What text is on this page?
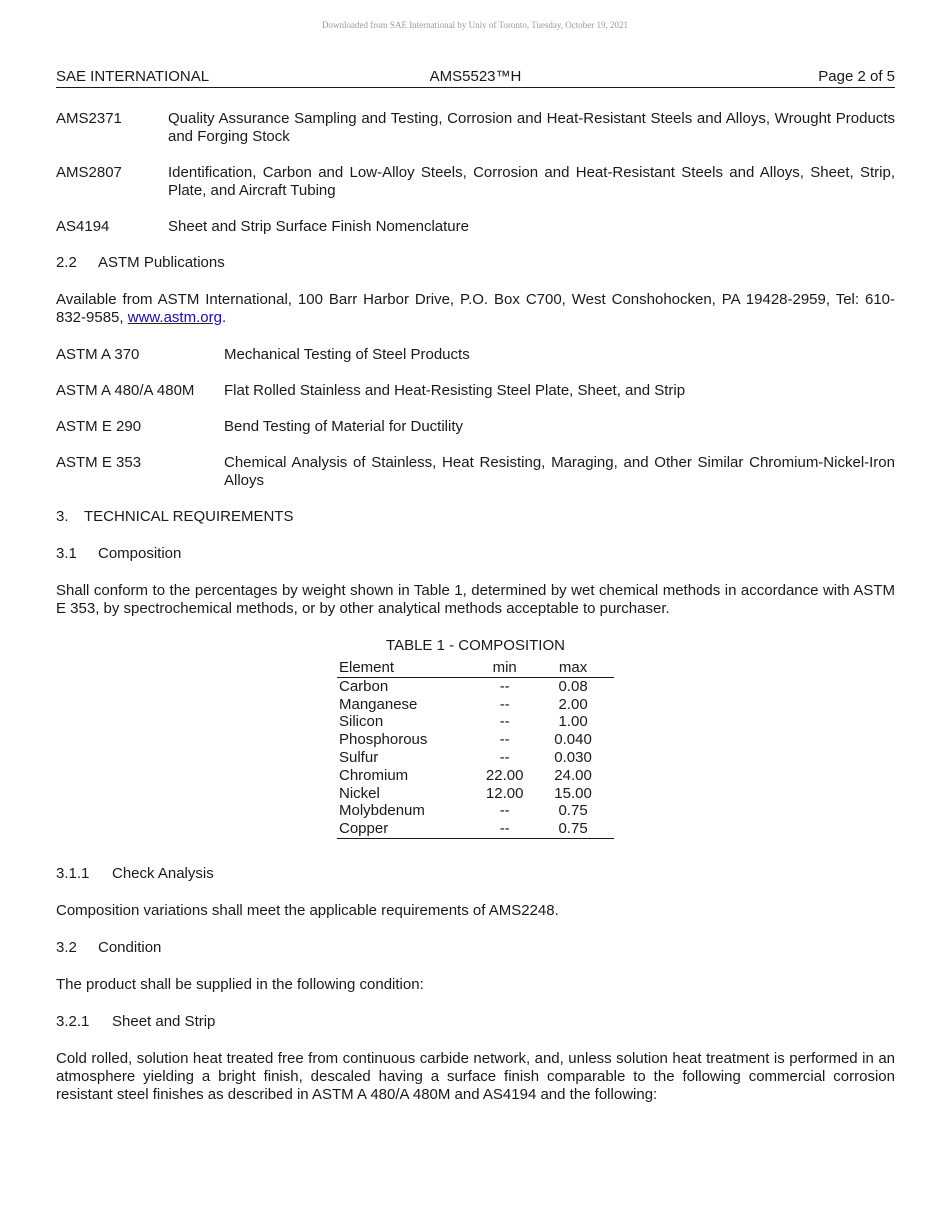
Downloaded from SAE International by Univ of Toronto, Tuesday, October 19, 2021
SAE INTERNATIONAL	AMS5523™H	Page 2 of 5
AMS2371	Quality Assurance Sampling and Testing, Corrosion and Heat-Resistant Steels and Alloys, Wrought Products and Forging Stock
AMS2807	Identification, Carbon and Low-Alloy Steels, Corrosion and Heat-Resistant Steels and Alloys, Sheet, Strip, Plate, and Aircraft Tubing
AS4194	Sheet and Strip Surface Finish Nomenclature
2.2 ASTM Publications
Available from ASTM International, 100 Barr Harbor Drive, P.O. Box C700, West Conshohocken, PA 19428-2959, Tel: 610-832-9585, www.astm.org.
ASTM A 370	Mechanical Testing of Steel Products
ASTM A 480/A 480M	Flat Rolled Stainless and Heat-Resisting Steel Plate, Sheet, and Strip
ASTM E 290	Bend Testing of Material for Ductility
ASTM E 353	Chemical Analysis of Stainless, Heat Resisting, Maraging, and Other Similar Chromium-Nickel-Iron Alloys
3. TECHNICAL REQUIREMENTS
3.1 Composition
Shall conform to the percentages by weight shown in Table 1, determined by wet chemical methods in accordance with ASTM E 353, by spectrochemical methods, or by other analytical methods acceptable to purchaser.
TABLE 1 - COMPOSITION
Element	min	max
Carbon	--	0.08
Manganese	--	2.00
Silicon	--	1.00
Phosphorous	--	0.040
Sulfur	--	0.030
Chromium	22.00	24.00
Nickel	12.00	15.00
Molybdenum	--	0.75
Copper	--	0.75
3.1.1 Check Analysis
Composition variations shall meet the applicable requirements of AMS2248.
3.2 Condition
The product shall be supplied in the following condition:
3.2.1 Sheet and Strip
Cold rolled, solution heat treated free from continuous carbide network, and, unless solution heat treatment is performed in an atmosphere yielding a bright finish, descaled having a surface finish comparable to the following commercial corrosion resistant steel finishes as described in ASTM A 480/A 480M and AS4194 and the following:
